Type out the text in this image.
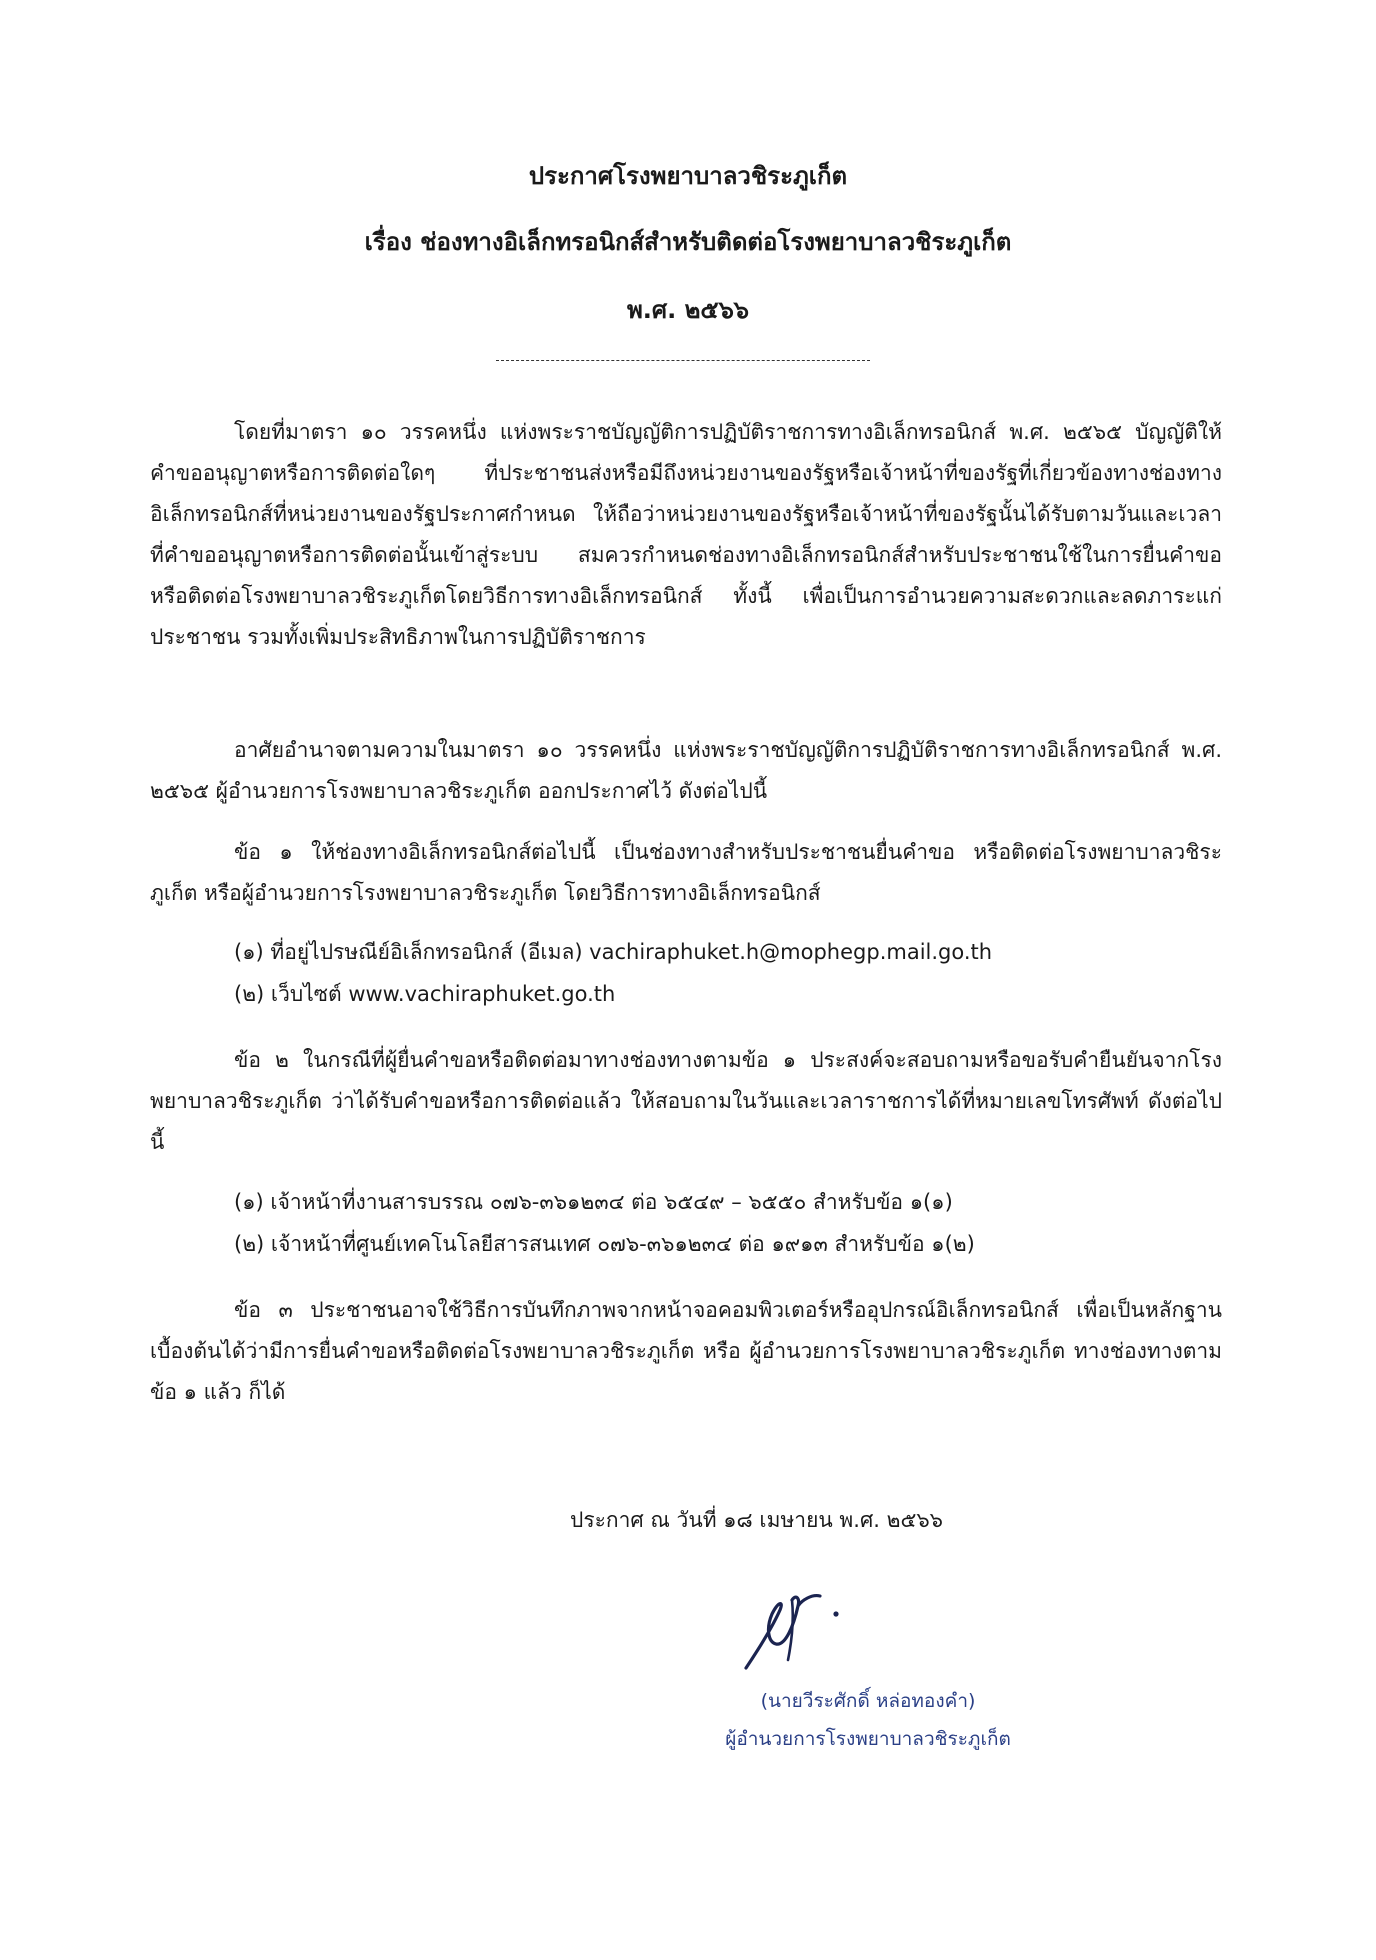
ประกาศโรงพยาบาลวชิระภูเก็ต
เรื่อง ช่องทางอิเล็กทรอนิกส์สำหรับติดต่อโรงพยาบาลวชิระภูเก็ต
พ.ศ. ๒๕๖๖

โดยที่มาตรา ๑๐ วรรคหนึ่ง แห่งพระราชบัญญัติการปฏิบัติราชการทางอิเล็กทรอนิกส์ พ.ศ. ๒๕๖๕ บัญญัติให้คำขออนุญาตหรือการติดต่อใดๆ ที่ประชาชนส่งหรือมีถึงหน่วยงานของรัฐหรือเจ้าหน้าที่ของรัฐที่เกี่ยวข้องทางช่องทางอิเล็กทรอนิกส์ที่หน่วยงานของรัฐประกาศกำหนด ให้ถือว่าหน่วยงานของรัฐหรือเจ้าหน้าที่ของรัฐนั้นได้รับตามวันและเวลาที่คำขออนุญาตหรือการติดต่อนั้นเข้าสู่ระบบ สมควรกำหนดช่องทางอิเล็กทรอนิกส์สำหรับประชาชนใช้ในการยื่นคำขอ หรือติดต่อโรงพยาบาลวชิระภูเก็ตโดยวิธีการทางอิเล็กทรอนิกส์ ทั้งนี้ เพื่อเป็นการอำนวยความสะดวกและลดภาระแก่ประชาชน รวมทั้งเพิ่มประสิทธิภาพในการปฏิบัติราชการ

อาศัยอำนาจตามความในมาตรา ๑๐ วรรคหนึ่ง แห่งพระราชบัญญัติการปฏิบัติราชการทางอิเล็กทรอนิกส์ พ.ศ. ๒๕๖๕ ผู้อำนวยการโรงพยาบาลวชิระภูเก็ต ออกประกาศไว้ ดังต่อไปนี้

ข้อ ๑ ให้ช่องทางอิเล็กทรอนิกส์ต่อไปนี้ เป็นช่องทางสำหรับประชาชนยื่นคำขอ หรือติดต่อโรงพยาบาลวชิระภูเก็ต หรือผู้อำนวยการโรงพยาบาลวชิระภูเก็ต โดยวิธีการทางอิเล็กทรอนิกส์

(๑) ที่อยู่ไปรษณีย์อิเล็กทรอนิกส์ (อีเมล) vachiraphuket.h@mophegp.mail.go.th

(๒) เว็บไซต์ www.vachiraphuket.go.th

ข้อ ๒ ในกรณีที่ผู้ยื่นคำขอหรือติดต่อมาทางช่องทางตามข้อ ๑ ประสงค์จะสอบถามหรือขอรับคำยืนยันจากโรงพยาบาลวชิระภูเก็ต ว่าได้รับคำขอหรือการติดต่อแล้ว ให้สอบถามในวันและเวลาราชการได้ที่หมายเลขโทรศัพท์ ดังต่อไปนี้

(๑) เจ้าหน้าที่งานสารบรรณ ๐๗๖-๓๖๑๒๓๔ ต่อ ๖๕๔๙ – ๖๕๕๐ สำหรับข้อ ๑(๑)

(๒) เจ้าหน้าที่ศูนย์เทคโนโลยีสารสนเทศ ๐๗๖-๓๖๑๒๓๔ ต่อ ๑๙๑๓ สำหรับข้อ ๑(๒)

ข้อ ๓ ประชาชนอาจใช้วิธีการบันทึกภาพจากหน้าจอคอมพิวเตอร์หรืออุปกรณ์อิเล็กทรอนิกส์ เพื่อเป็นหลักฐานเบื้องต้นได้ว่ามีการยื่นคำขอหรือติดต่อโรงพยาบาลวชิระภูเก็ต หรือ ผู้อำนวยการโรงพยาบาลวชิระภูเก็ต ทางช่องทางตามข้อ ๑ แล้ว ก็ได้

ประกาศ ณ วันที่ ๑๘ เมษายน พ.ศ. ๒๕๖๖

(นายวีระศักดิ์ หล่อทองคำ)

ผู้อำนวยการโรงพยาบาลวชิระภูเก็ต
